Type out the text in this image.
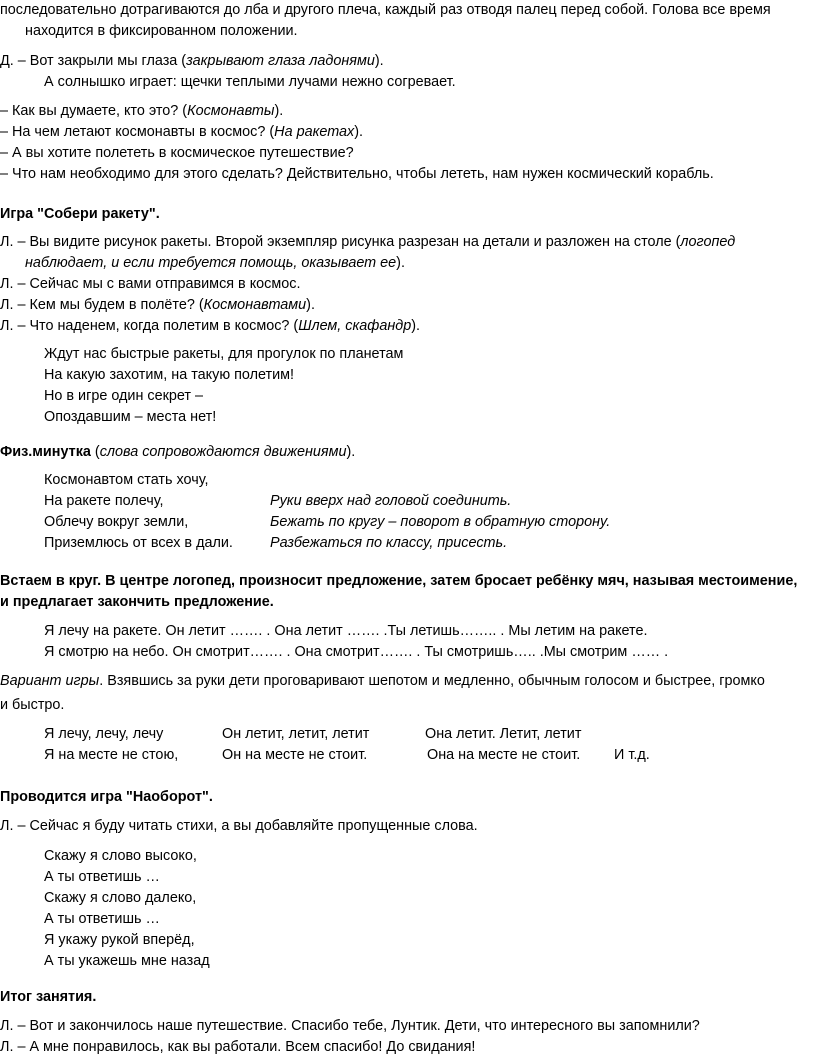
последовательно дотрагиваются до лба и другого плеча, каждый раз отводя палец перед собой. Голова все время
находится в фиксированном положении.
Д. – Вот закрыли мы глаза (закрывают глаза ладонями).
А солнышко играет: щечки теплыми лучами нежно согревает.
– Как вы думаете, кто это? (Космонавты).
– На чем летают космонавты в космос? (На ракетах).
– А вы хотите полететь в космическое путешествие?
– Что нам необходимо для этого сделать? Действительно, чтобы лететь, нам нужен космический корабль.
Игра "Собери ракету".
Л. – Вы видите рисунок ракеты. Второй экземпляр рисунка разрезан на детали и разложен на столе (логопед
наблюдает, и если требуется помощь, оказывает ее).
Л. – Сейчас мы с вами отправимся в космос.
Л. – Кем мы будем в полёте? (Космонавтами).
Л. – Что наденем, когда полетим в космос? (Шлем, скафандр).
Ждут нас быстрые ракеты, для прогулок по планетам
На какую захотим, на такую полетим!
Но в игре один секрет –
Опоздавшим – места нет!
Физ.минутка (слова сопровождаются движениями).
Космонавтом стать хочу,
На ракете полечу,	Руки вверх над головой соединить.
Облечу вокруг земли,	Бежать по кругу – поворот в обратную сторону.
Приземлюсь от всех в дали.	Разбежаться по классу, присесть.
Встаем в круг. В центре логопед, произносит предложение, затем бросает ребёнку мяч, называя местоимение,
и предлагает закончить предложение.
Я лечу на ракете. Он летит ……. . Она летит ……. .Ты летишь…….. . Мы летим на ракете.
Я смотрю на небо. Он смотрит……. . Она смотрит……. . Ты смотришь….. .Мы смотрим …… .
Вариант игры. Взявшись за руки дети проговаривают шепотом и медленно, обычным голосом и быстрее, громко
и быстро.
Я лечу, лечу, лечу	Он летит, летит, летит	Она летит. Летит, летит
Я на месте не стою,	Он на месте не стоит.	Она на месте не стоит. И т.д.
Проводится игра "Наоборот".
Л. – Сейчас я буду читать стихи, а вы добавляйте пропущенные слова.
Скажу я слово высоко,
А ты ответишь …
Скажу я слово далеко,
А ты ответишь …
Я укажу рукой вперёд,
А ты укажешь мне назад
Итог занятия.
Л. – Вот и закончилось наше путешествие. Спасибо тебе, Лунтик. Дети, что интересного вы запомнили?
Л. – А мне понравилось, как вы работали. Всем спасибо! До свидания!
